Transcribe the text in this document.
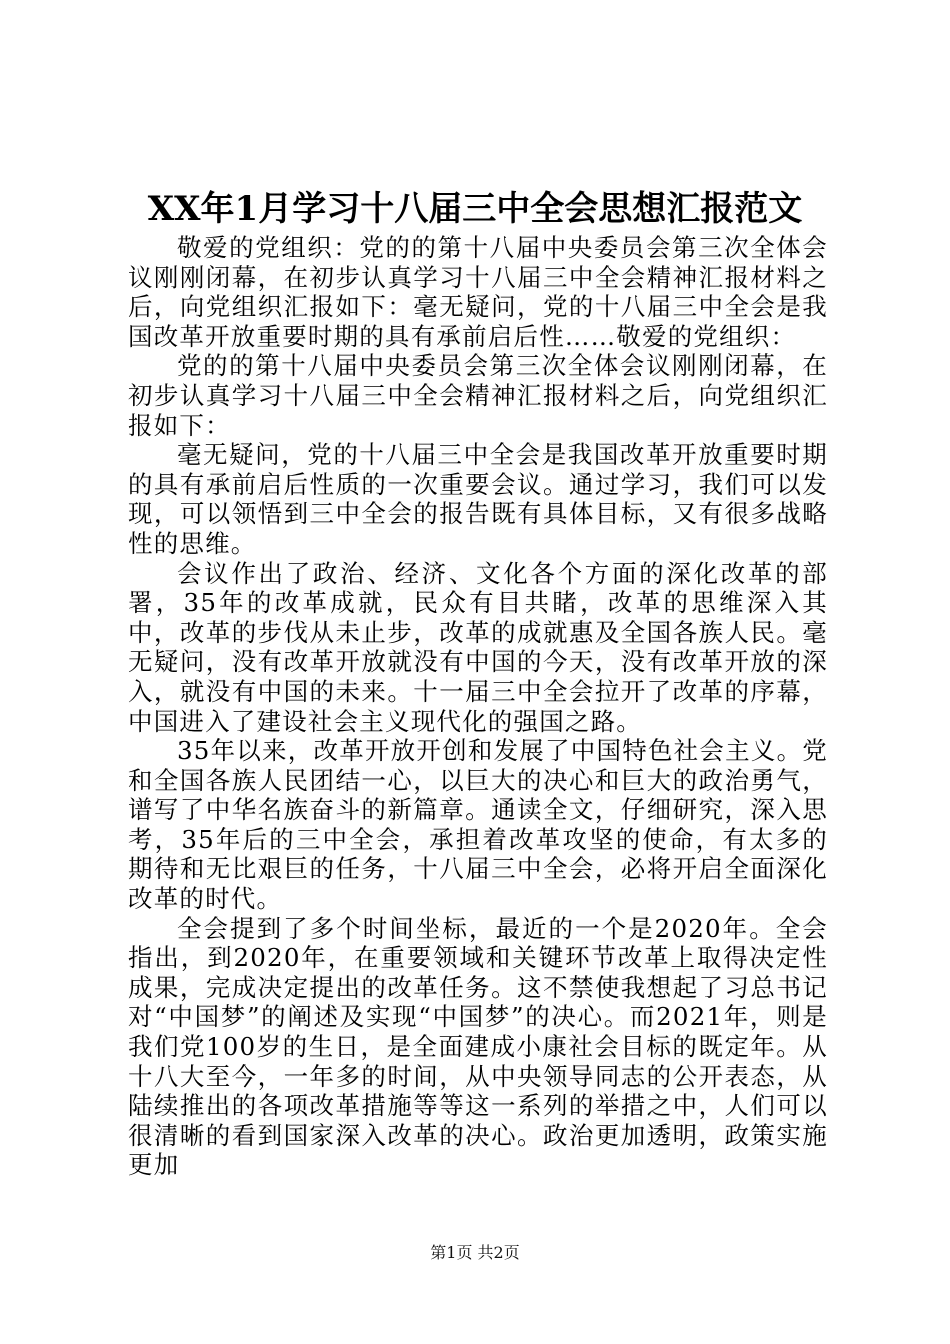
XX年1月学习十八届三中全会思想汇报范文

敬爱的党组织：党的的第十八届中央委员会第三次全体会议刚刚闭幕，在初步认真学习十八届三中全会精神汇报材料之后，向党组织汇报如下：毫无疑问，党的十八届三中全会是我国改革开放重要时期的具有承前启后性……敬爱的党组织：

党的的第十八届中央委员会第三次全体会议刚刚闭幕，在初步认真学习十八届三中全会精神汇报材料之后，向党组织汇报如下：

毫无疑问，党的十八届三中全会是我国改革开放重要时期的具有承前启后性质的一次重要会议。通过学习，我们可以发现，可以领悟到三中全会的报告既有具体目标，又有很多战略性的思维。

会议作出了政治、经济、文化各个方面的深化改革的部署，35年的改革成就，民众有目共睹，改革的思维深入其中，改革的步伐从未止步，改革的成就惠及全国各族人民。毫无疑问，没有改革开放就没有中国的今天，没有改革开放的深入，就没有中国的未来。十一届三中全会拉开了改革的序幕，中国进入了建设社会主义现代化的强国之路。

35年以来，改革开放开创和发展了中国特色社会主义。党和全国各族人民团结一心，以巨大的决心和巨大的政治勇气，谱写了中华名族奋斗的新篇章。通读全文，仔细研究，深入思考，35年后的三中全会，承担着改革攻坚的使命，有太多的期待和无比艰巨的任务，十八届三中全会，必将开启全面深化改革的时代。

全会提到了多个时间坐标，最近的一个是2020年。全会指出，到2020年，在重要领域和关键环节改革上取得决定性成果，完成决定提出的改革任务。这不禁使我想起了习总书记对“中国梦”的阐述及实现“中国梦”的决心。而2021年，则是我们党100岁的生日，是全面建成小康社会目标的既定年。从十八大至今，一年多的时间，从中央领导同志的公开表态，从陆续推出的各项改革措施等等这一系列的举措之中，人们可以很清晰的看到国家深入改革的决心。政治更加透明，政策实施更加

第1页 共2页
